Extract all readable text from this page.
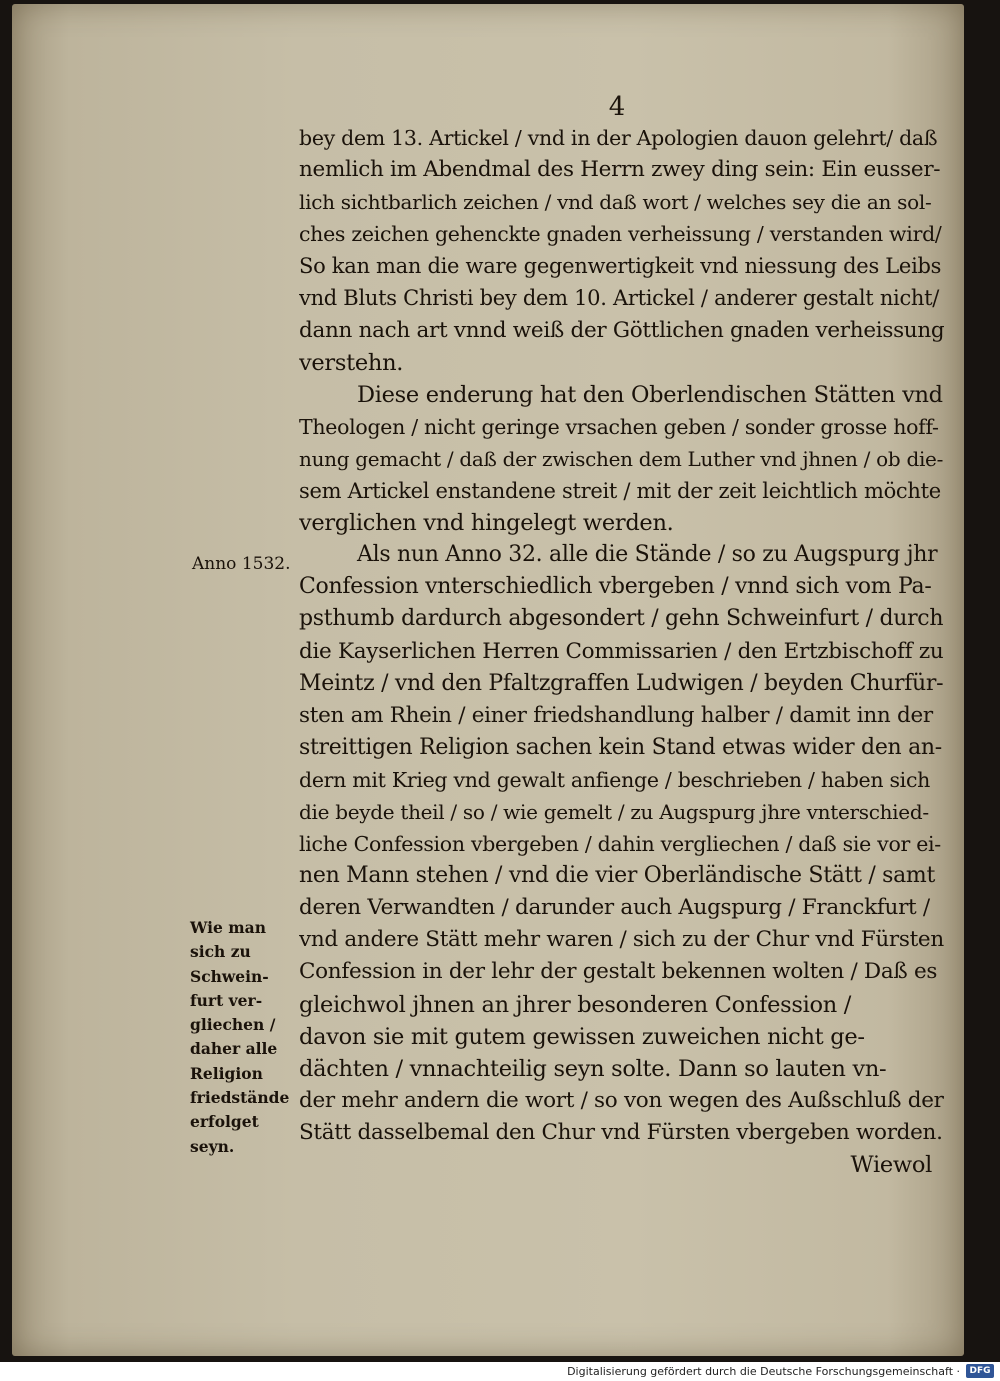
4
Anno 1532.
Wie man
sich zu
Schwein-
furt ver-
gliechen /
daher alle
Religion
friedstände
erfolget
seyn.
bey dem 13. Artickel / vnd in der Apologien dauon gelehrt/ daß
nemlich im Abendmal des Herrn zwey ding sein: Ein eusser-
lich sichtbarlich zeichen / vnd daß wort / welches sey die an sol-
ches zeichen gehenckte gnaden verheissung / verstanden wird/
So kan man die ware gegenwertigkeit vnd niessung des Leibs
vnd Bluts Christi bey dem 10. Artickel / anderer gestalt nicht/
dann nach art vnnd weiß der Göttlichen gnaden verheissung
verstehn.
Diese enderung hat den Oberlendischen Stätten vnd
Theologen / nicht geringe vrsachen geben / sonder grosse hoff-
nung gemacht / daß der zwischen dem Luther vnd jhnen / ob die-
sem Artickel enstandene streit / mit der zeit leichtlich möchte
verglichen vnd hingelegt werden.
Als nun Anno 32. alle die Stände / so zu Augspurg jhr
Confession vnterschiedlich vbergeben / vnnd sich vom Pa-
psthumb dardurch abgesondert / gehn Schweinfurt / durch
die Kayserlichen Herren Commissarien / den Ertzbischoff zu
Meintz / vnd den Pfaltzgraffen Ludwigen / beyden Churfür-
sten am Rhein / einer friedshandlung halber / damit inn der
streittigen Religion sachen kein Stand etwas wider den an-
dern mit Krieg vnd gewalt anfienge / beschrieben / haben sich
die beyde theil / so / wie gemelt / zu Augspurg jhre vnterschied-
liche Confession vbergeben / dahin vergliechen / daß sie vor ei-
nen Mann stehen / vnd die vier Oberländische Stätt / samt
deren Verwandten / darunder auch Augspurg / Franckfurt /
vnd andere Stätt mehr waren / sich zu der Chur vnd Fürsten
Confession in der lehr der gestalt bekennen wolten / Daß es
gleichwol jhnen an jhrer besonderen Confession /
davon sie mit gutem gewissen zuweichen nicht ge-
dächten / vnnachteilig seyn solte. Dann so lauten vn-
der mehr andern die wort / so von wegen des Außschluß der
Stätt dasselbemal den Chur vnd Fürsten vbergeben worden.
Wiewol
Digitalisierung gefördert durch die Deutsche Forschungsgemeinschaft ·	DFG
